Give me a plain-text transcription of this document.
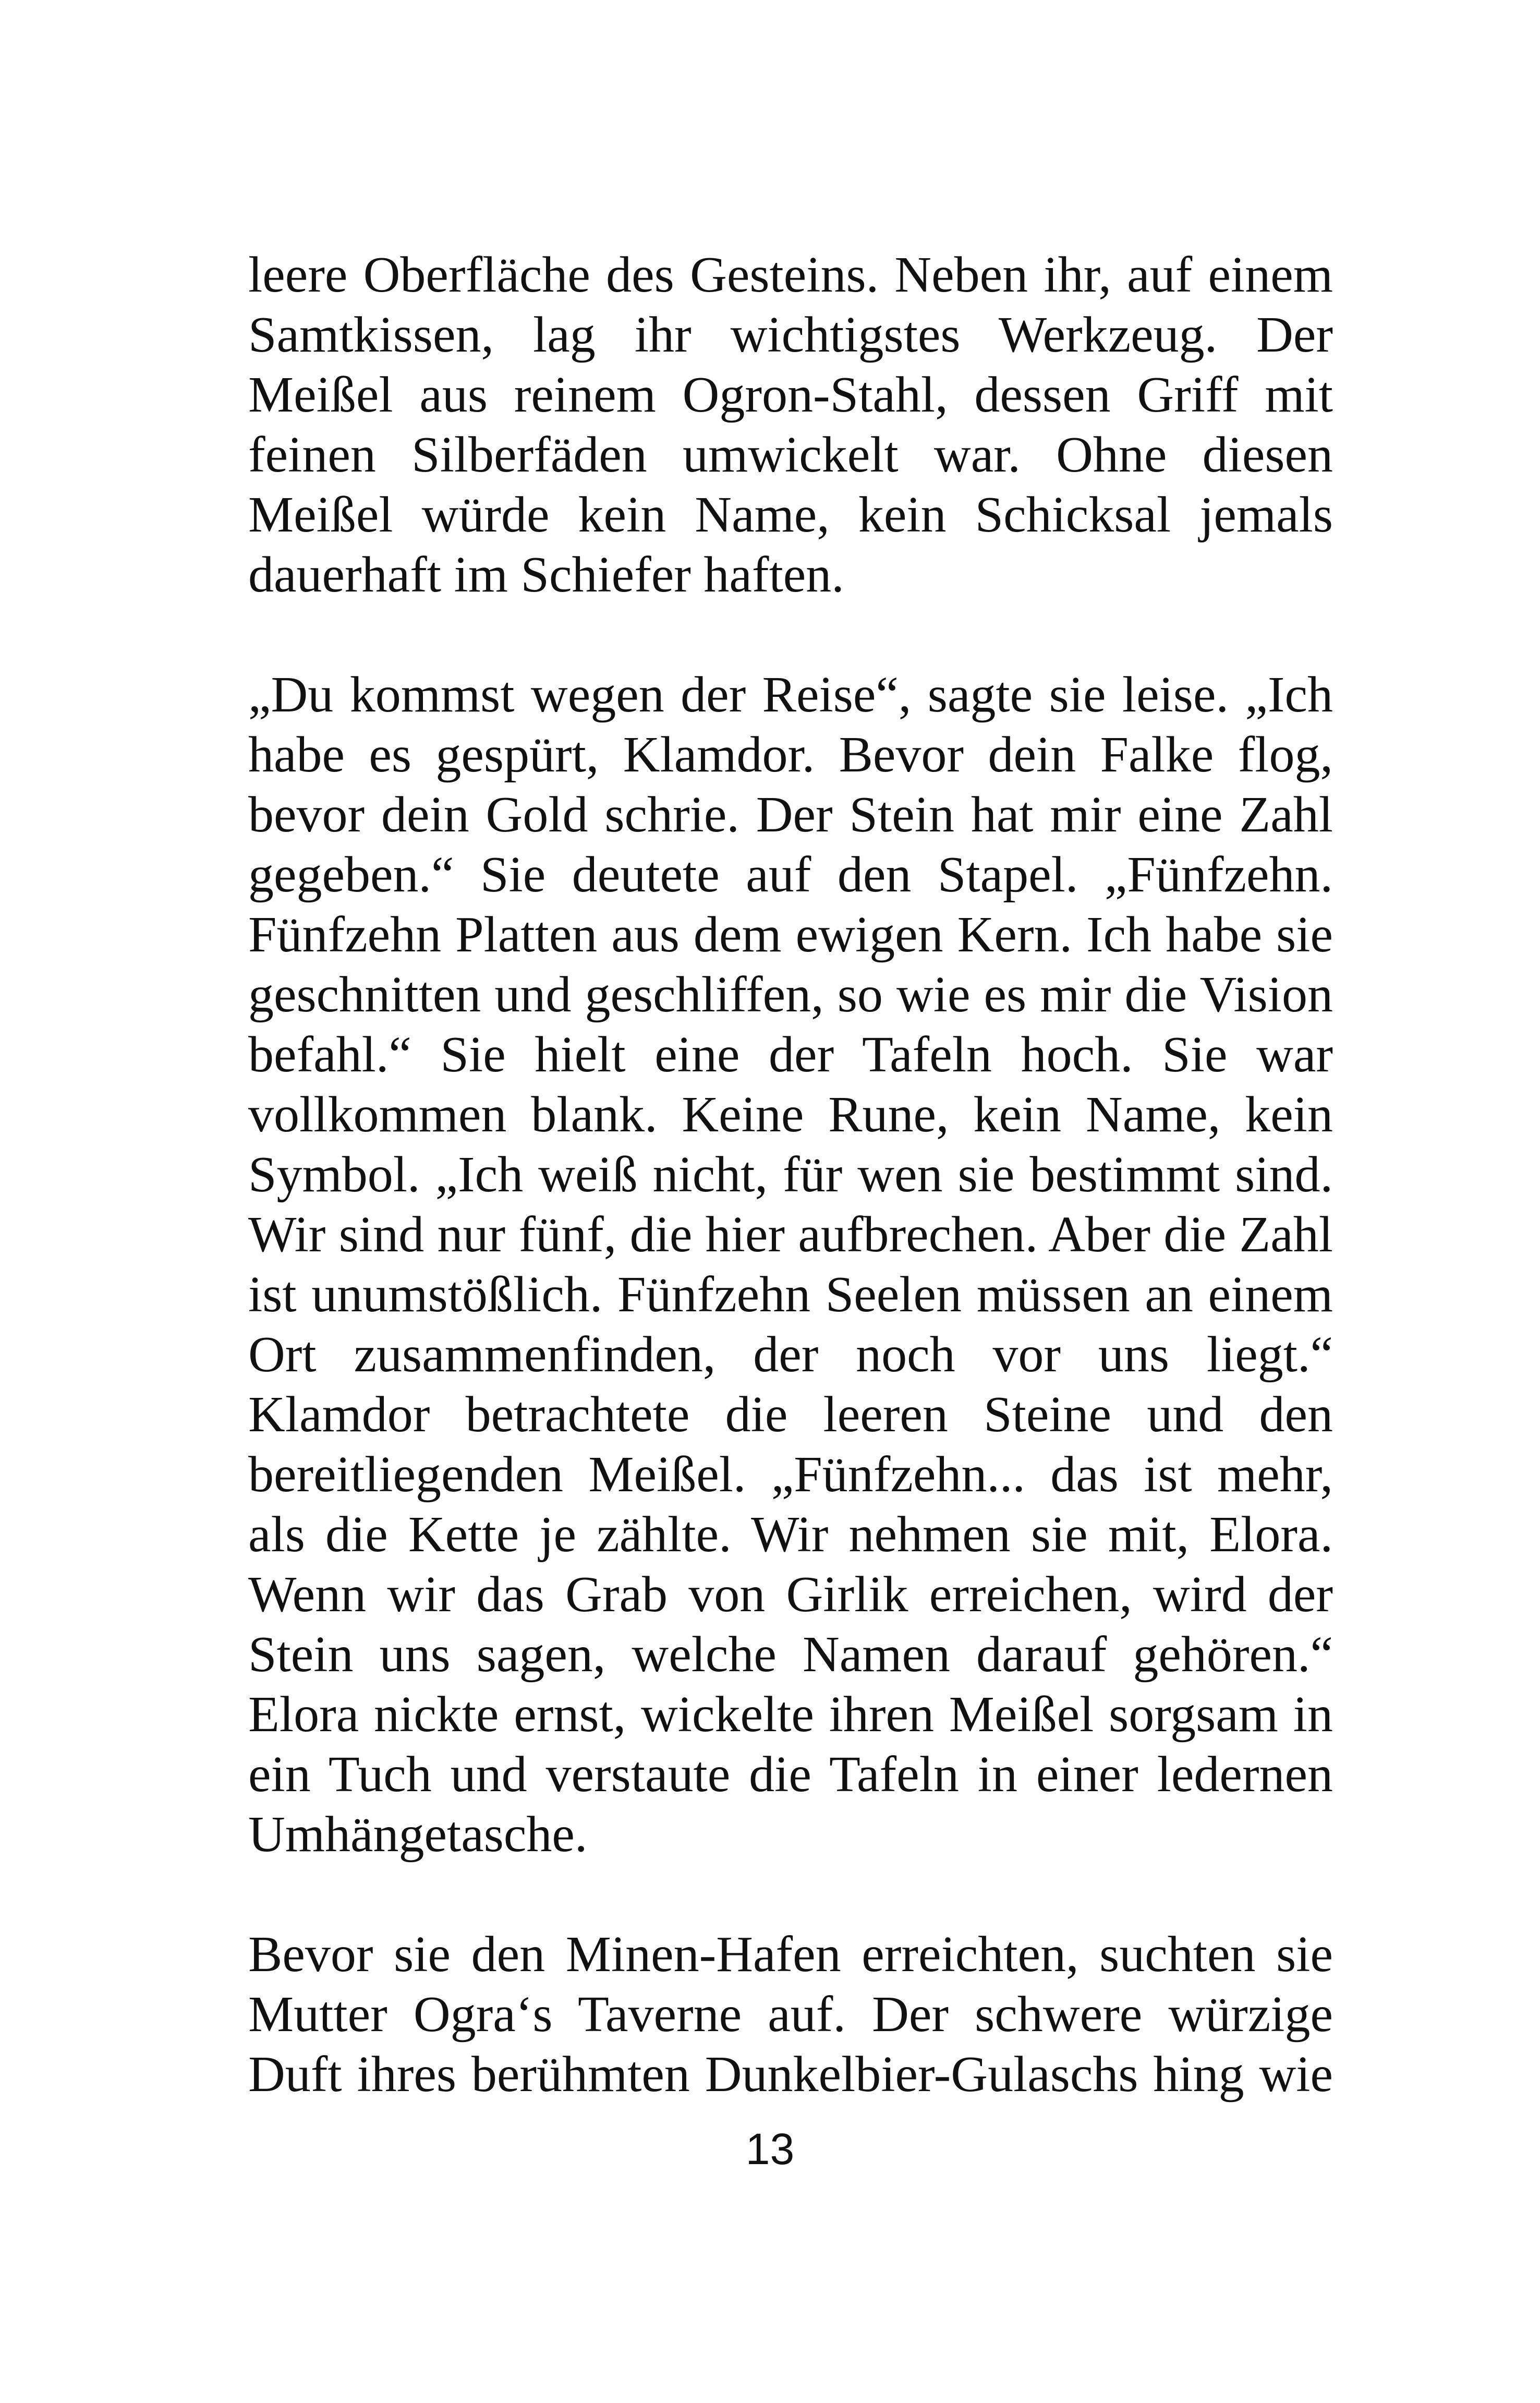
leere Oberfläche des Gesteins. Neben ihr, auf einem
Samtkissen, lag ihr wichtigstes Werkzeug. Der
Meißel aus reinem Ogron-Stahl, dessen Griff mit
feinen Silberfäden umwickelt war. Ohne diesen
Meißel würde kein Name, kein Schicksal jemals
dauerhaft im Schiefer haften.
„Du kommst wegen der Reise“, sagte sie leise. „Ich
habe es gespürt, Klamdor. Bevor dein Falke flog,
bevor dein Gold schrie. Der Stein hat mir eine Zahl
gegeben.“ Sie deutete auf den Stapel. „Fünfzehn.
Fünfzehn Platten aus dem ewigen Kern. Ich habe sie
geschnitten und geschliffen, so wie es mir die Vision
befahl.“ Sie hielt eine der Tafeln hoch. Sie war
vollkommen blank. Keine Rune, kein Name, kein
Symbol. „Ich weiß nicht, für wen sie bestimmt sind.
Wir sind nur fünf, die hier aufbrechen. Aber die Zahl
ist unumstößlich. Fünfzehn Seelen müssen an einem
Ort zusammenfinden, der noch vor uns liegt.“
Klamdor betrachtete die leeren Steine und den
bereitliegenden Meißel. „Fünfzehn... das ist mehr,
als die Kette je zählte. Wir nehmen sie mit, Elora.
Wenn wir das Grab von Girlik erreichen, wird der
Stein uns sagen, welche Namen darauf gehören.“
Elora nickte ernst, wickelte ihren Meißel sorgsam in
ein Tuch und verstaute die Tafeln in einer ledernen
Umhängetasche.
Bevor sie den Minen-Hafen erreichten, suchten sie
Mutter Ogra‘s Taverne auf. Der schwere würzige
Duft ihres berühmten Dunkelbier-Gulaschs hing wie
13
